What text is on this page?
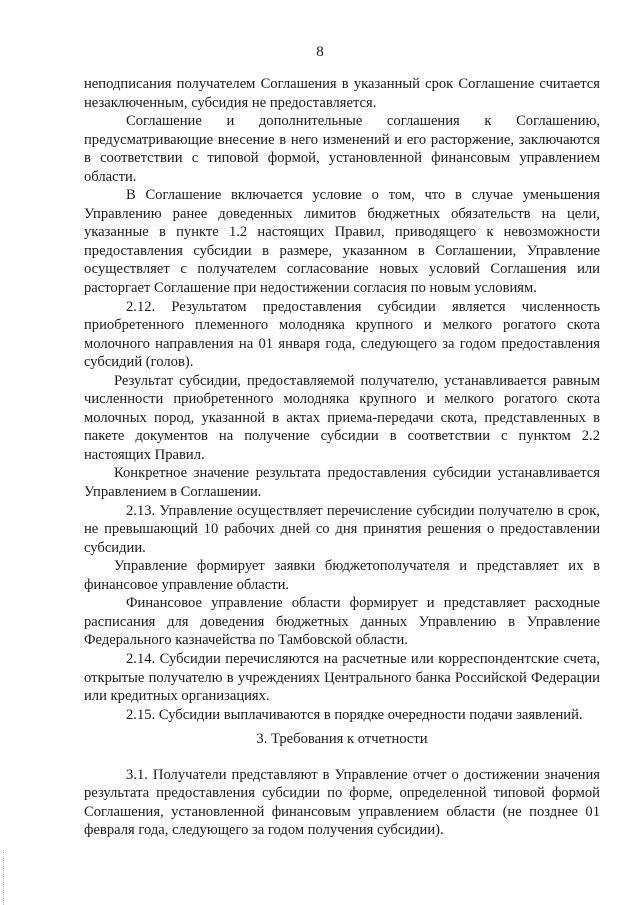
8

неподписания получателем Соглашения в указанный срок Соглашение считается незаключенным, субсидия не предоставляется.

Соглашение и дополнительные соглашения к Соглашению, предусматривающие внесение в него изменений и его расторжение, заключаются в соответствии с типовой формой, установленной финансовым управлением области.

В Соглашение включается условие о том, что в случае уменьшения Управлению ранее доведенных лимитов бюджетных обязательств на цели, указанные в пункте 1.2 настоящих Правил, приводящего к невозможности предоставления субсидии в размере, указанном в Соглашении, Управление осуществляет с получателем согласование новых условий Соглашения или расторгает Соглашение при недостижении согласия по новым условиям.

2.12. Результатом предоставления субсидии является численность приобретенного племенного молодняка крупного и мелкого рогатого скота молочного направления на 01 января года, следующего за годом предоставления субсидий (голов).

Результат субсидии, предоставляемой получателю, устанавливается равным численности приобретенного молодняка крупного и мелкого рогатого скота молочных пород, указанной в актах приема-передачи скота, представленных в пакете документов на получение субсидии в соответствии с пунктом 2.2 настоящих Правил.

Конкретное значение результата предоставления субсидии устанавливается Управлением в Соглашении.

2.13. Управление осуществляет перечисление субсидии получателю в срок, не превышающий 10 рабочих дней со дня принятия решения о предоставлении субсидии.

Управление формирует заявки бюджетополучателя и представляет их в финансовое управление области.

Финансовое управление области формирует и представляет расходные расписания для доведения бюджетных данных Управлению в Управление Федерального казначейства по Тамбовской области.

2.14. Субсидии перечисляются на расчетные или корреспондентские счета, открытые получателю в учреждениях Центрального банка Российской Федерации или кредитных организациях.

2.15. Субсидии выплачиваются в порядке очередности подачи заявлений.

3. Требования к отчетности

3.1. Получатели представляют в Управление отчет о достижении значения результата предоставления субсидии по форме, определенной типовой формой Соглашения, установленной финансовым управлением области (не позднее 01 февраля года, следующего за годом получения субсидии).
